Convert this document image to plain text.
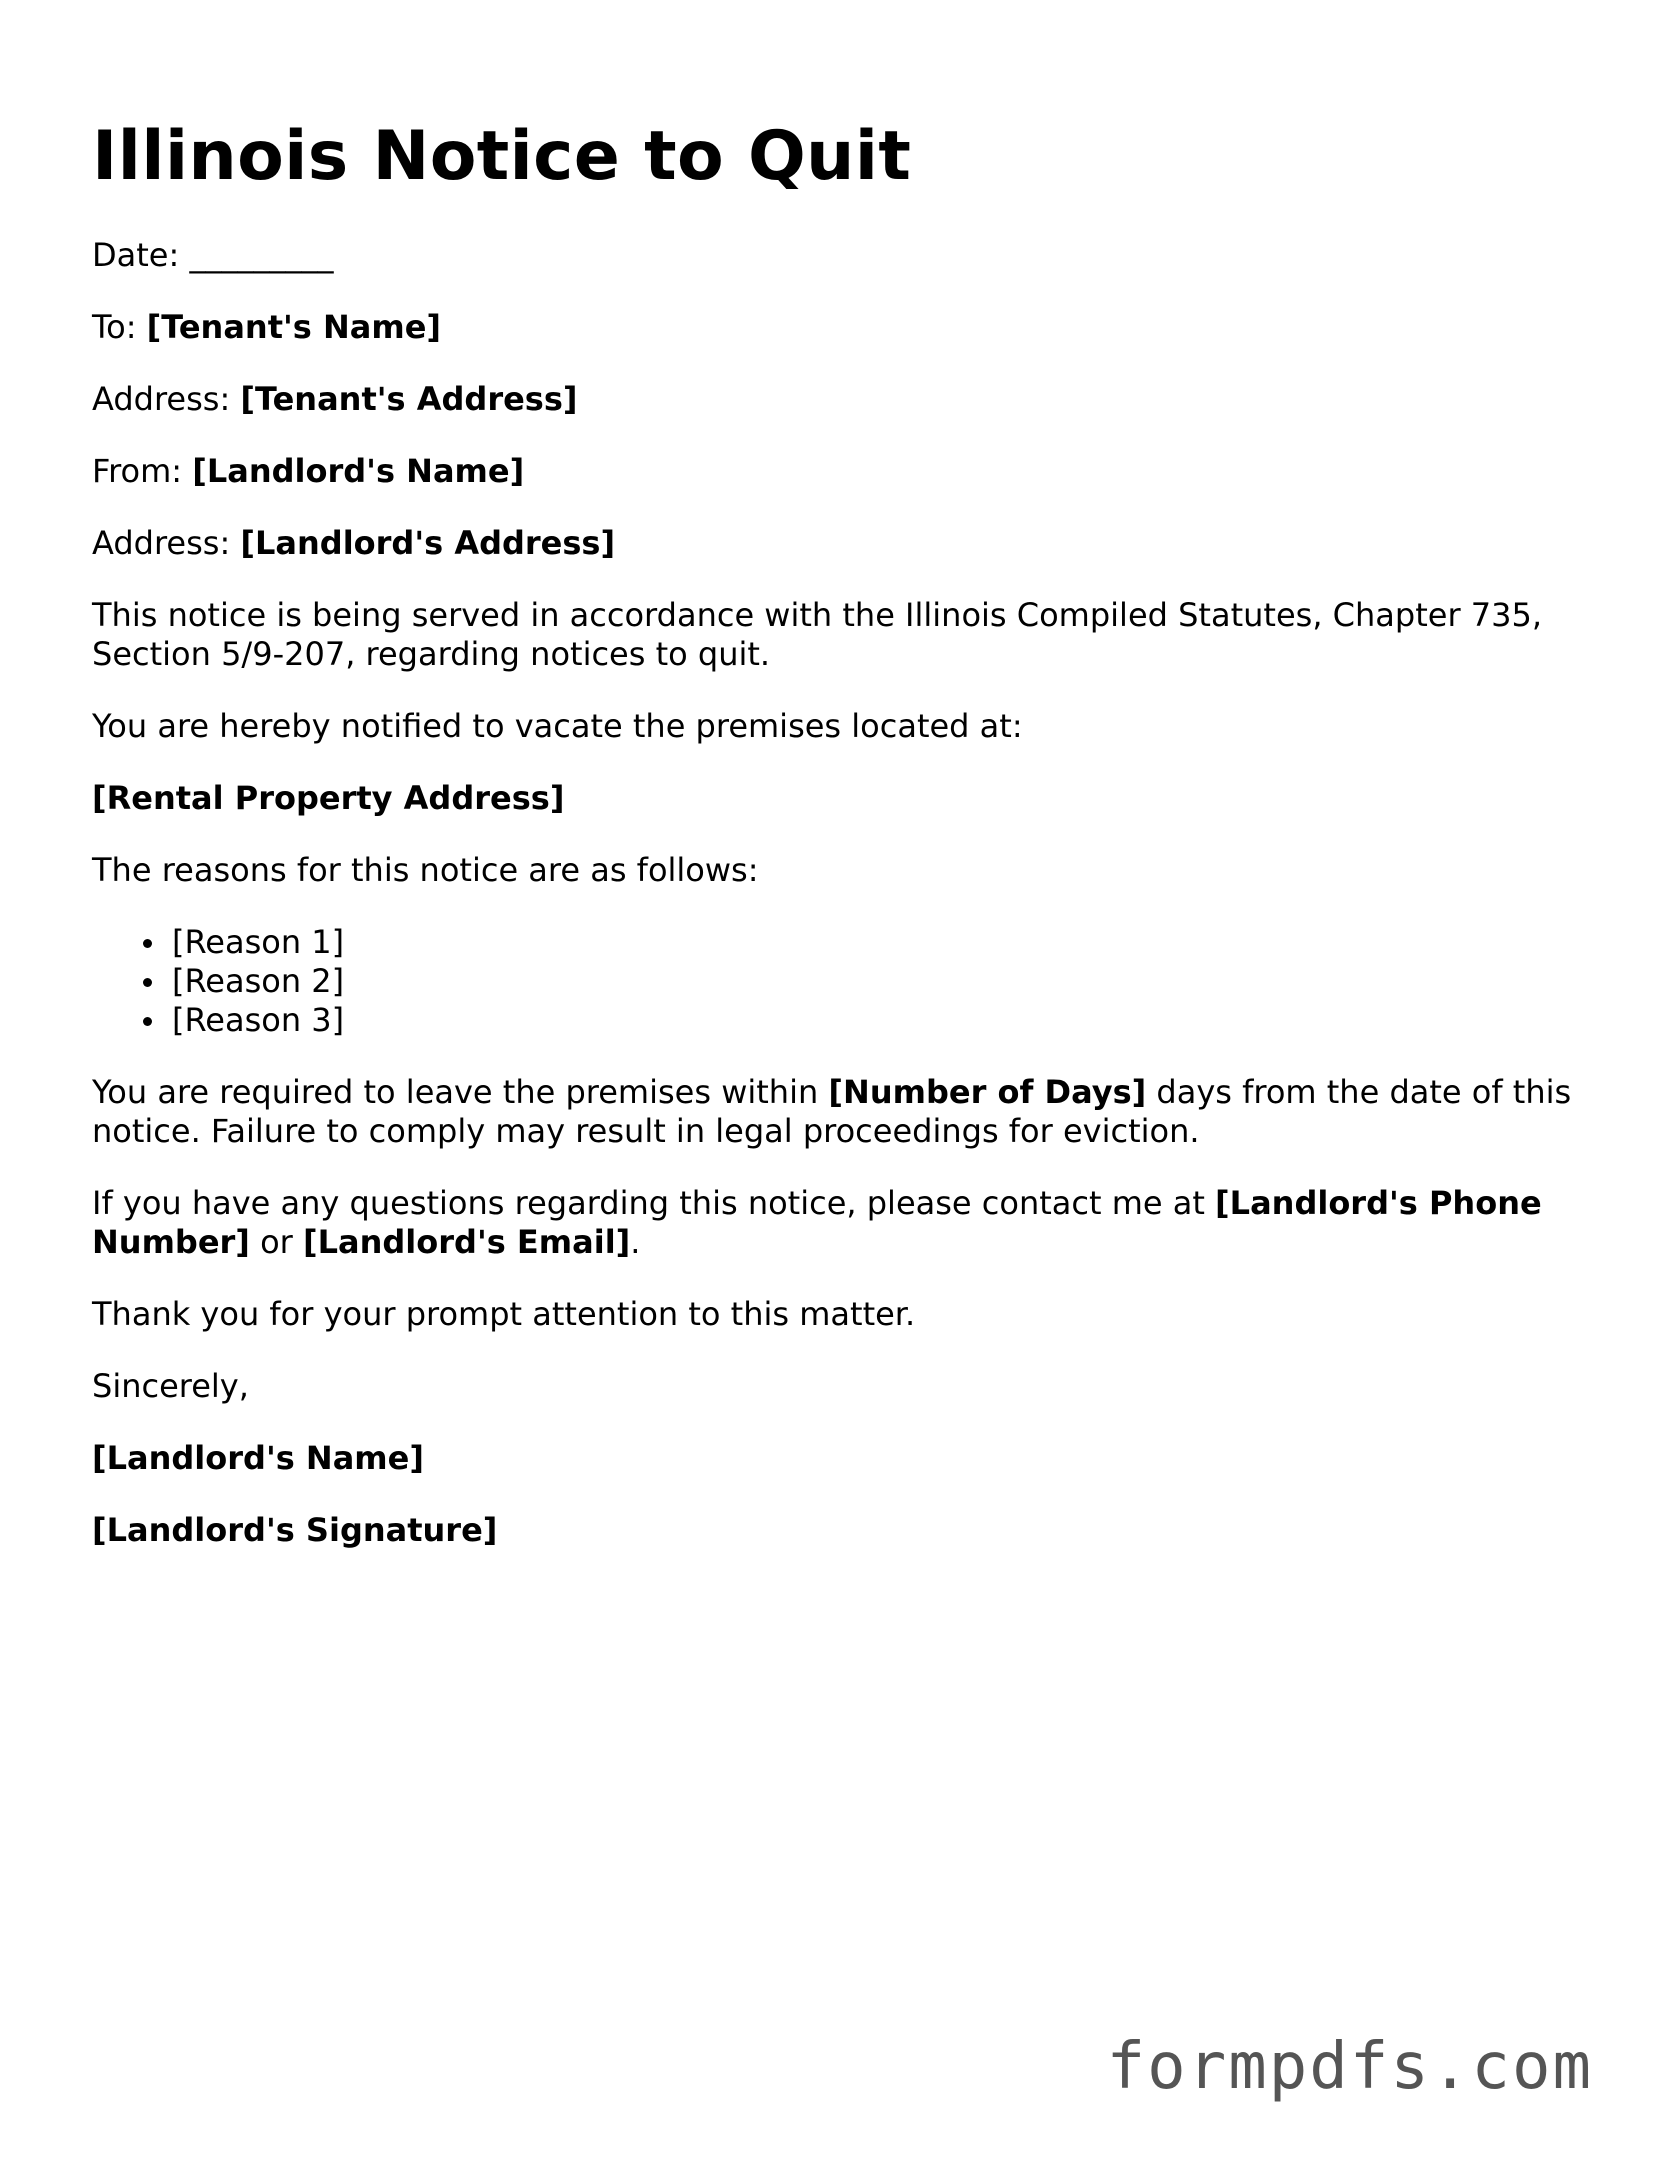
Illinois Notice to Quit

Date: _________

To: [Tenant's Name]

Address: [Tenant's Address]

From: [Landlord's Name]

Address: [Landlord's Address]

This notice is being served in accordance with the Illinois Compiled Statutes, Chapter 735, Section 5/9-207, regarding notices to quit.

You are hereby notified to vacate the premises located at:

[Rental Property Address]

The reasons for this notice are as follows:

[Reason 1]
[Reason 2]
[Reason 3]

You are required to leave the premises within [Number of Days] days from the date of this notice. Failure to comply may result in legal proceedings for eviction.

If you have any questions regarding this notice, please contact me at [Landlord's Phone Number] or [Landlord's Email].

Thank you for your prompt attention to this matter.

Sincerely,

[Landlord's Name]

[Landlord's Signature]

formpdfs.com
